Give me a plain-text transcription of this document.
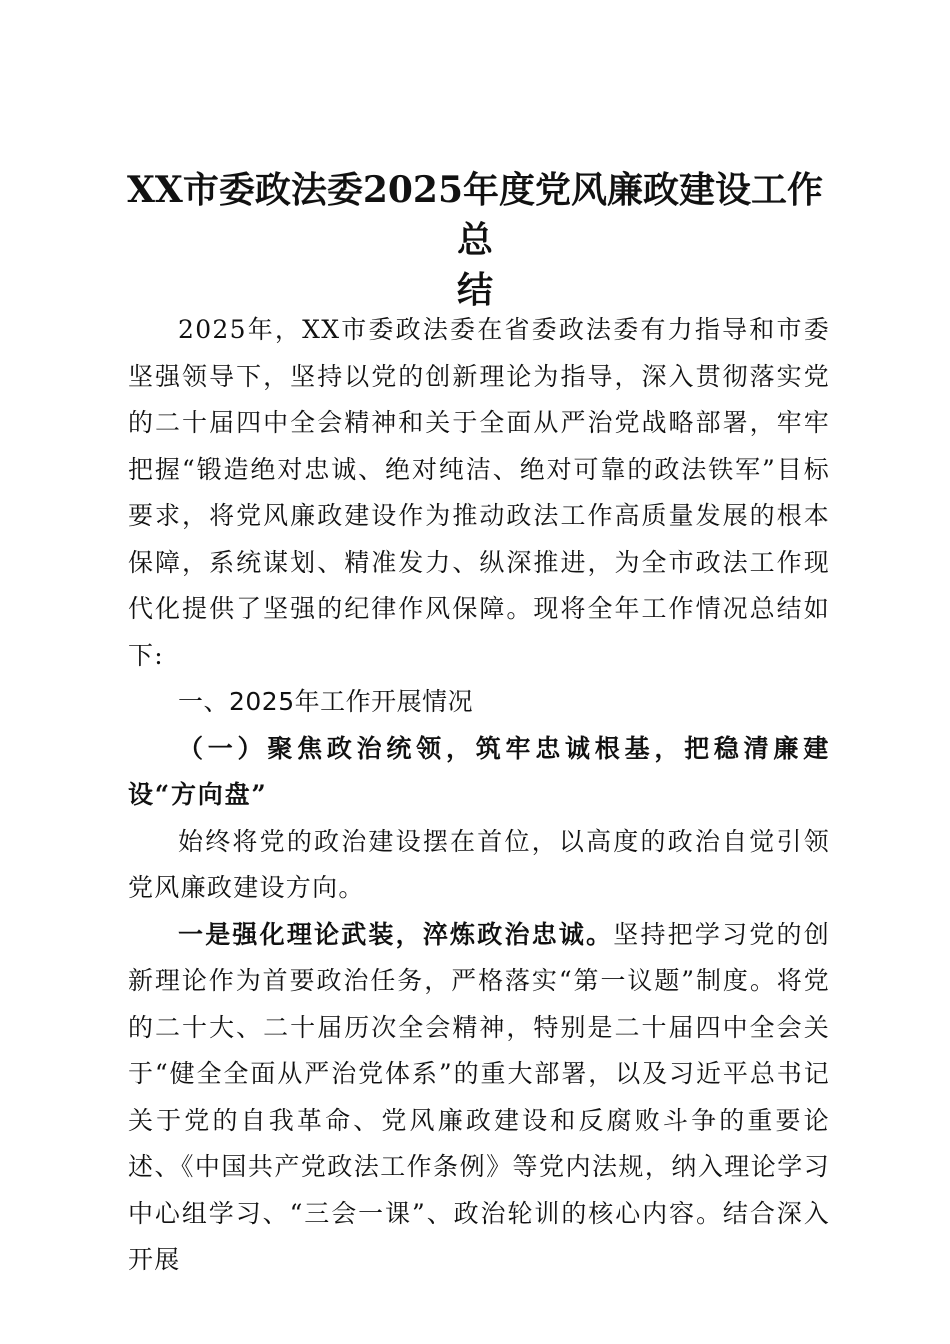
XX市委政法委2025年度党风廉政建设工作总
结

2025年，XX市委政法委在省委政法委有力指导和市委坚强领导下，坚持以党的创新理论为指导，深入贯彻落实党的二十届四中全会精神和关于全面从严治党战略部署，牢牢把握“锻造绝对忠诚、绝对纯洁、绝对可靠的政法铁军”目标要求，将党风廉政建设作为推动政法工作高质量发展的根本保障，系统谋划、精准发力、纵深推进，为全市政法工作现代化提供了坚强的纪律作风保障。现将全年工作情况总结如下:

一、2025年工作开展情况

（一）聚焦政治统领，筑牢忠诚根基，把稳清廉建设“方向盘”

始终将党的政治建设摆在首位，以高度的政治自觉引领党风廉政建设方向。

一是强化理论武装，淬炼政治忠诚。坚持把学习党的创新理论作为首要政治任务，严格落实“第一议题”制度。将党的二十大、二十届历次全会精神，特别是二十届四中全会关于“健全全面从严治党体系”的重大部署，以及习近平总书记关于党的自我革命、党风廉政建设和反腐败斗争的重要论述、《中国共产党政法工作条例》等党内法规，纳入理论学习中心组学习、“三会一课”、政治轮训的核心内容。结合深入开展
